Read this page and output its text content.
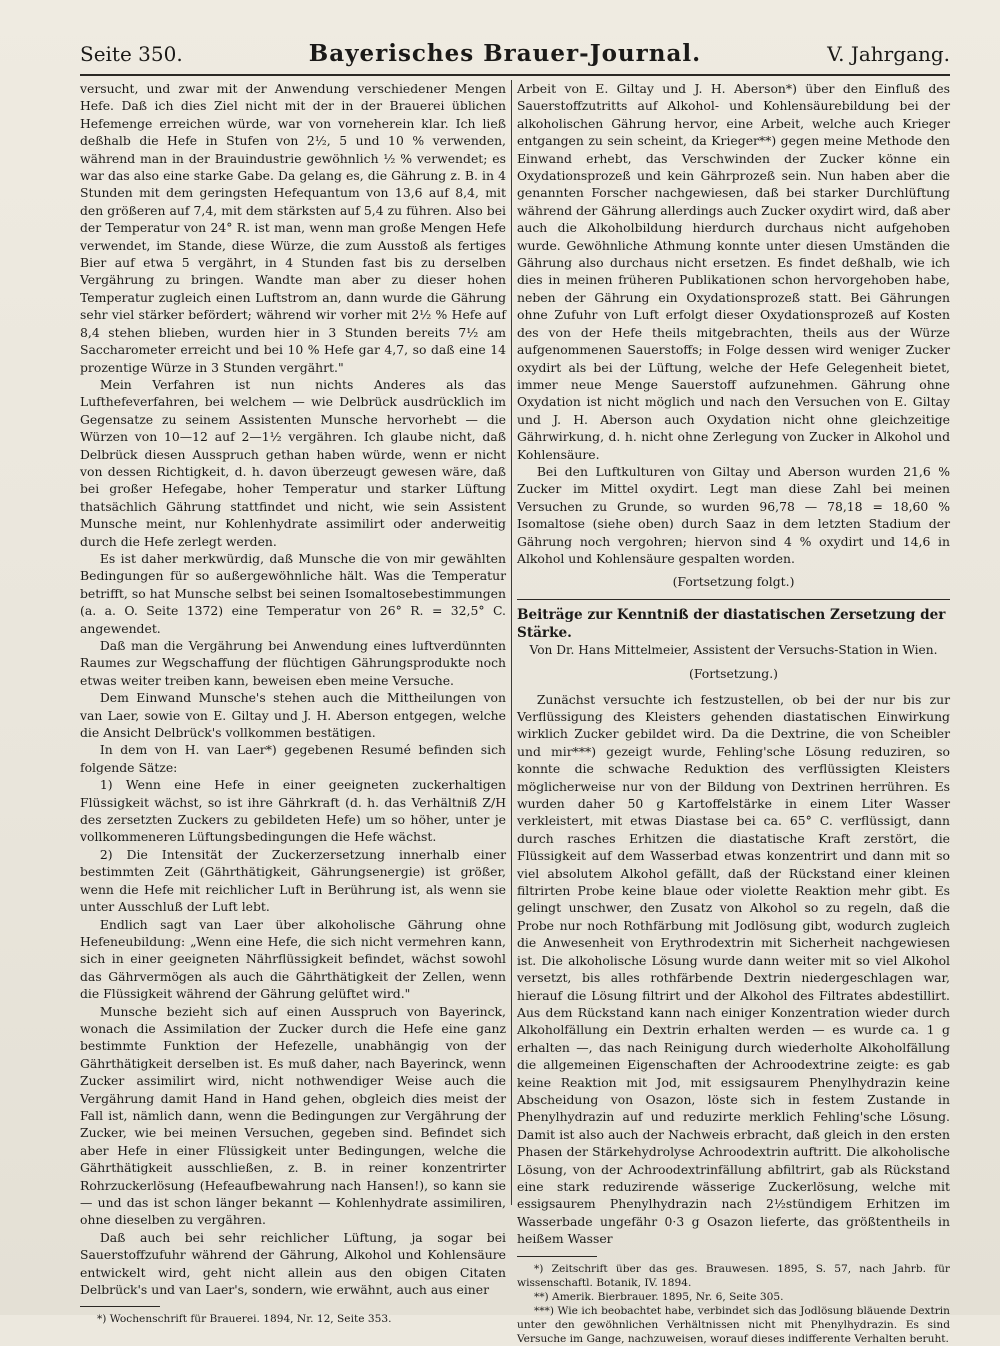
Seite 350.	Bayerisches Brauer-Journal.	V. Jahrgang.

versucht, und zwar mit der Anwendung verschiedener Mengen Hefe. Daß ich dies Ziel nicht mit der in der Brauerei üblichen Hefemenge erreichen würde, war von vorneherein klar. Ich ließ deßhalb die Hefe in Stufen von 2½, 5 und 10 % verwenden, während man in der Brauindustrie gewöhnlich ½ % verwendet; es war das also eine starke Gabe. Da gelang es, die Gährung z. B. in 4 Stunden mit dem geringsten Hefequantum von 13,6 auf 8,4, mit den größeren auf 7,4, mit dem stärksten auf 5,4 zu führen. Also bei der Temperatur von 24° R. ist man, wenn man große Mengen Hefe verwendet, im Stande, diese Würze, die zum Ausstoß als fertiges Bier auf etwa 5 vergährt, in 4 Stunden fast bis zu derselben Vergährung zu bringen. Wandte man aber zu dieser hohen Temperatur zugleich einen Luftstrom an, dann wurde die Gährung sehr viel stärker befördert; während wir vorher mit 2½ % Hefe auf 8,4 stehen blieben, wurden hier in 3 Stunden bereits 7½ am Saccharometer erreicht und bei 10 % Hefe gar 4,7, so daß eine 14 prozentige Würze in 3 Stunden vergährt."

Mein Verfahren ist nun nichts Anderes als das Lufthefeverfahren, bei welchem — wie Delbrück ausdrücklich im Gegensatze zu seinem Assistenten Munsche hervorhebt — die Würzen von 10—12 auf 2—1½ vergähren. Ich glaube nicht, daß Delbrück diesen Ausspruch gethan haben würde, wenn er nicht von dessen Richtigkeit, d. h. davon überzeugt gewesen wäre, daß bei großer Hefegabe, hoher Temperatur und starker Lüftung thatsächlich Gährung stattfindet und nicht, wie sein Assistent Munsche meint, nur Kohlenhydrate assimilirt oder anderweitig durch die Hefe zerlegt werden.

Es ist daher merkwürdig, daß Munsche die von mir gewählten Bedingungen für so außergewöhnliche hält. Was die Temperatur betrifft, so hat Munsche selbst bei seinen Isomaltosebestimmungen (a. a. O. Seite 1372) eine Temperatur von 26° R. = 32,5° C. angewendet.

Daß man die Vergährung bei Anwendung eines luftverdünnten Raumes zur Wegschaffung der flüchtigen Gährungsprodukte noch etwas weiter treiben kann, beweisen eben meine Versuche.

Dem Einwand Munsche's stehen auch die Mittheilungen von van Laer, sowie von E. Giltay und J. H. Aberson entgegen, welche die Ansicht Delbrück's vollkommen bestätigen.

In dem von H. van Laer*) gegebenen Resumé befinden sich folgende Sätze:

1) Wenn eine Hefe in einer geeigneten zuckerhaltigen Flüssigkeit wächst, so ist ihre Gährkraft (d. h. das Verhältniß Z/H des zersetzten Zuckers zu gebildeten Hefe) um so höher, unter je vollkommeneren Lüftungsbedingungen die Hefe wächst.

2) Die Intensität der Zuckerzersetzung innerhalb einer bestimmten Zeit (Gährthätigkeit, Gährungsenergie) ist größer, wenn die Hefe mit reichlicher Luft in Berührung ist, als wenn sie unter Ausschluß der Luft lebt.

Endlich sagt van Laer über alkoholische Gährung ohne Hefeneubildung: „Wenn eine Hefe, die sich nicht vermehren kann, sich in einer geeigneten Nährflüssigkeit befindet, wächst sowohl das Gährvermögen als auch die Gährthätigkeit der Zellen, wenn die Flüssigkeit während der Gährung gelüftet wird."

Munsche bezieht sich auf einen Ausspruch von Bayerinck, wonach die Assimilation der Zucker durch die Hefe eine ganz bestimmte Funktion der Hefezelle, unabhängig von der Gährthätigkeit derselben ist. Es muß daher, nach Bayerinck, wenn Zucker assimilirt wird, nicht nothwendiger Weise auch die Vergährung damit Hand in Hand gehen, obgleich dies meist der Fall ist, nämlich dann, wenn die Bedingungen zur Vergährung der Zucker, wie bei meinen Versuchen, gegeben sind. Befindet sich aber Hefe in einer Flüssigkeit unter Bedingungen, welche die Gährthätigkeit ausschließen, z. B. in reiner konzentrirter Rohrzuckerlösung (Hefeaufbewahrung nach Hansen!), so kann sie — und das ist schon länger bekannt — Kohlenhydrate assimiliren, ohne dieselben zu vergähren.

Daß auch bei sehr reichlicher Lüftung, ja sogar bei Sauerstoffzufuhr während der Gährung, Alkohol und Kohlensäure entwickelt wird, geht nicht allein aus den obigen Citaten Delbrück's und van Laer's, sondern, wie erwähnt, auch aus einer

*) Wochenschrift für Brauerei. 1894, Nr. 12, Seite 353.

Arbeit von E. Giltay und J. H. Aberson*) über den Einfluß des Sauerstoffzutritts auf Alkohol- und Kohlensäurebildung bei der alkoholischen Gährung hervor, eine Arbeit, welche auch Krieger entgangen zu sein scheint, da Krieger**) gegen meine Methode den Einwand erhebt, das Verschwinden der Zucker könne ein Oxydationsprozeß und kein Gährprozeß sein. Nun haben aber die genannten Forscher nachgewiesen, daß bei starker Durchlüftung während der Gährung allerdings auch Zucker oxydirt wird, daß aber auch die Alkoholbildung hierdurch durchaus nicht aufgehoben wurde. Gewöhnliche Athmung konnte unter diesen Umständen die Gährung also durchaus nicht ersetzen. Es findet deßhalb, wie ich dies in meinen früheren Publikationen schon hervorgehoben habe, neben der Gährung ein Oxydationsprozeß statt. Bei Gährungen ohne Zufuhr von Luft erfolgt dieser Oxydationsprozeß auf Kosten des von der Hefe theils mitgebrachten, theils aus der Würze aufgenommenen Sauerstoffs; in Folge dessen wird weniger Zucker oxydirt als bei der Lüftung, welche der Hefe Gelegenheit bietet, immer neue Menge Sauerstoff aufzunehmen. Gährung ohne Oxydation ist nicht möglich und nach den Versuchen von E. Giltay und J. H. Aberson auch Oxydation nicht ohne gleichzeitige Gährwirkung, d. h. nicht ohne Zerlegung von Zucker in Alkohol und Kohlensäure.

Bei den Luftkulturen von Giltay und Aberson wurden 21,6 % Zucker im Mittel oxydirt. Legt man diese Zahl bei meinen Versuchen zu Grunde, so wurden 96,78 — 78,18 = 18,60 % Isomaltose (siehe oben) durch Saaz in dem letzten Stadium der Gährung noch vergohren; hiervon sind 4 % oxydirt und 14,6 in Alkohol und Kohlensäure gespalten worden.

(Fortsetzung folgt.)

Beiträge zur Kenntniß der diastatischen Zersetzung der Stärke.

Von Dr. Hans Mittelmeier, Assistent der Versuchs-Station in Wien.

(Fortsetzung.)

Zunächst versuchte ich festzustellen, ob bei der nur bis zur Verflüssigung des Kleisters gehenden diastatischen Einwirkung wirklich Zucker gebildet wird. Da die Dextrine, die von Scheibler und mir***) gezeigt wurde, Fehling'sche Lösung reduziren, so konnte die schwache Reduktion des verflüssigten Kleisters möglicherweise nur von der Bildung von Dextrinen herrühren. Es wurden daher 50 g Kartoffelstärke in einem Liter Wasser verkleistert, mit etwas Diastase bei ca. 65° C. verflüssigt, dann durch rasches Erhitzen die diastatische Kraft zerstört, die Flüssigkeit auf dem Wasserbad etwas konzentrirt und dann mit so viel absolutem Alkohol gefällt, daß der Rückstand einer kleinen filtrirten Probe keine blaue oder violette Reaktion mehr gibt. Es gelingt unschwer, den Zusatz von Alkohol so zu regeln, daß die Probe nur noch Rothfärbung mit Jodlösung gibt, wodurch zugleich die Anwesenheit von Erythrodextrin mit Sicherheit nachgewiesen ist. Die alkoholische Lösung wurde dann weiter mit so viel Alkohol versetzt, bis alles rothfärbende Dextrin niedergeschlagen war, hierauf die Lösung filtrirt und der Alkohol des Filtrates abdestillirt. Aus dem Rückstand kann nach einiger Konzentration wieder durch Alkoholfällung ein Dextrin erhalten werden — es wurde ca. 1 g erhalten —, das nach Reinigung durch wiederholte Alkoholfällung die allgemeinen Eigenschaften der Achroodextrine zeigte: es gab keine Reaktion mit Jod, mit essigsaurem Phenylhydrazin keine Abscheidung von Osazon, löste sich in festem Zustande in Phenylhydrazin auf und reduzirte merklich Fehling'sche Lösung. Damit ist also auch der Nachweis erbracht, daß gleich in den ersten Phasen der Stärkehydrolyse Achroodextrin auftritt. Die alkoholische Lösung, von der Achroodextrinfällung abfiltrirt, gab als Rückstand eine stark reduzirende wässerige Zuckerlösung, welche mit essigsaurem Phenylhydrazin nach 2½stündigem Erhitzen im Wasserbade ungefähr 0·3 g Osazon lieferte, das größtentheils in heißem Wasser

*) Zeitschrift über das ges. Brauwesen. 1895, S. 57, nach Jahrb. für wissenschaftl. Botanik, IV. 1894.

**) Amerik. Bierbrauer. 1895, Nr. 6, Seite 305.

***) Wie ich beobachtet habe, verbindet sich das Jodlösung bläuende Dextrin unter den gewöhnlichen Verhältnissen nicht mit Phenylhydrazin. Es sind Versuche im Gange, nachzuweisen, worauf dieses indifferente Verhalten beruht.
